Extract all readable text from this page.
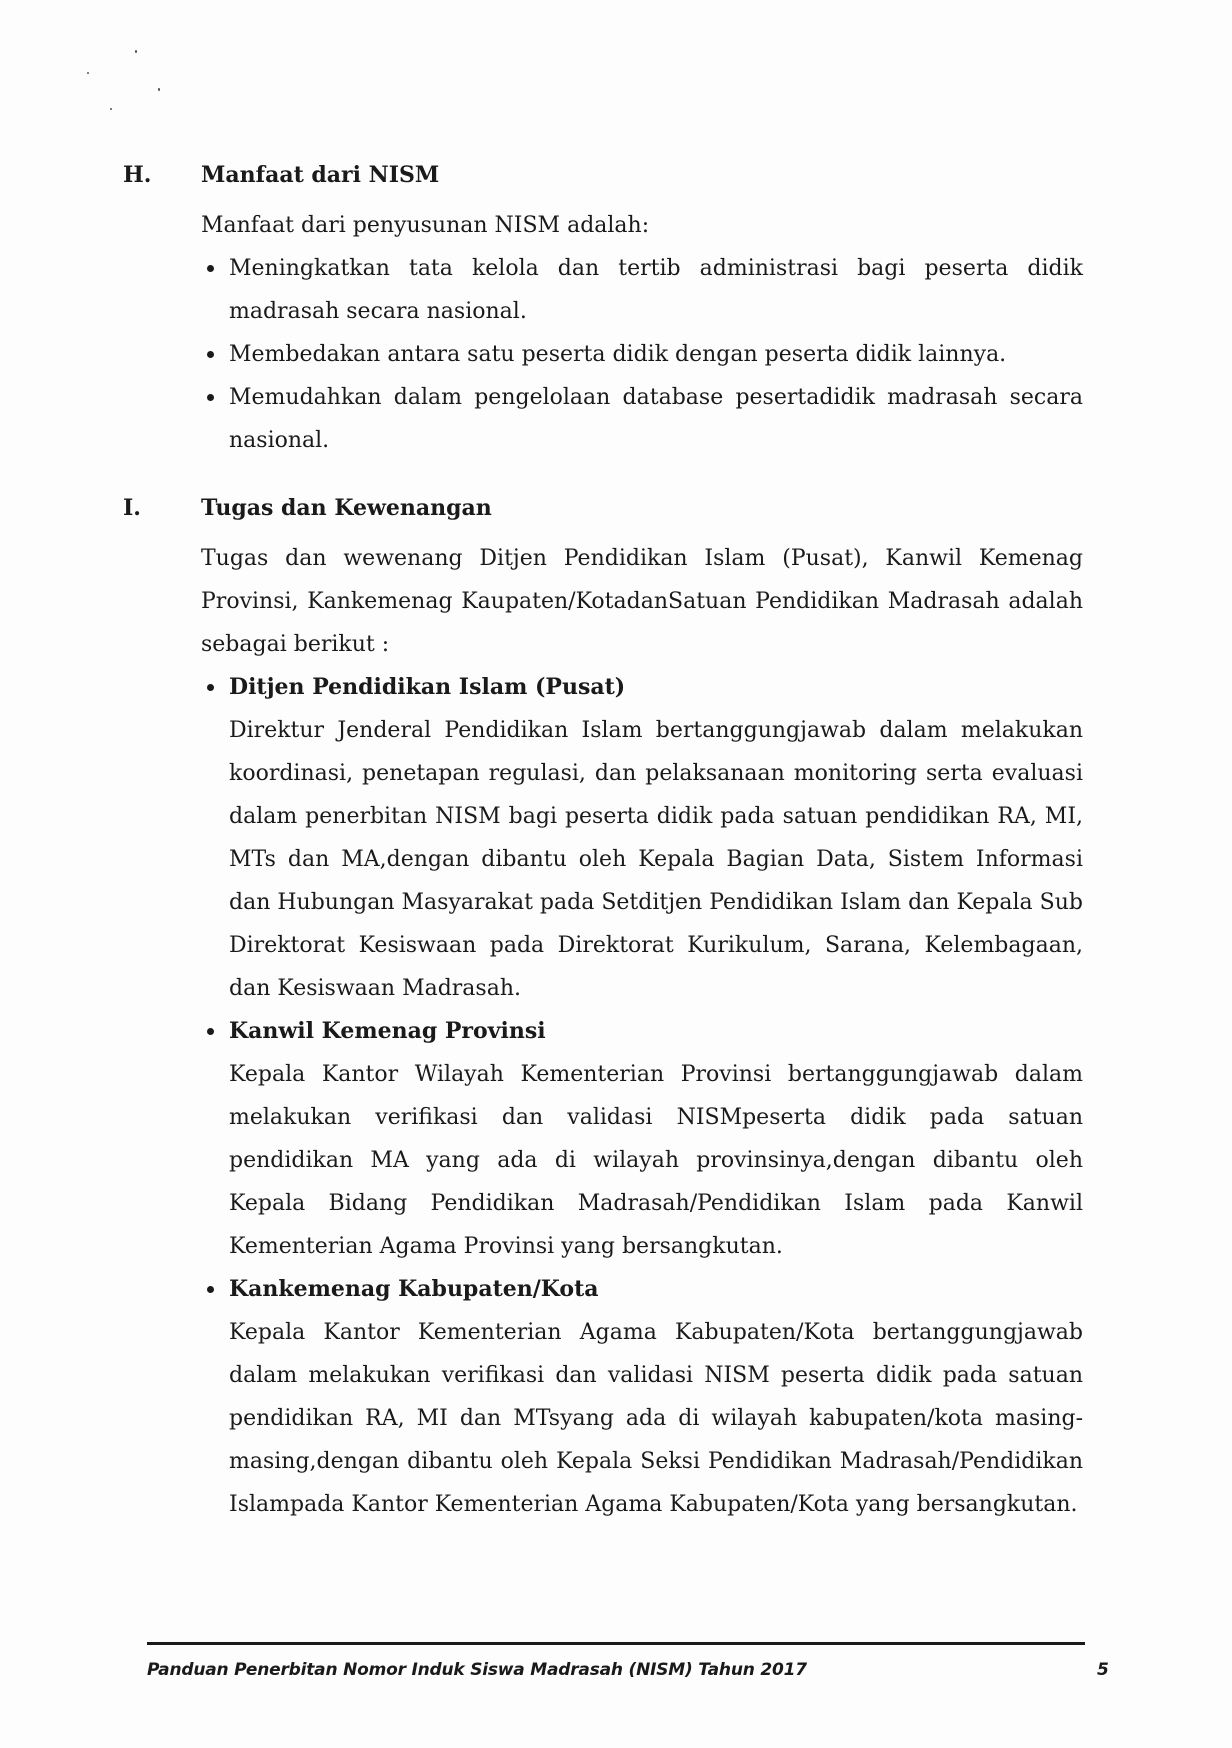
H.	Manfaat dari NISM
Manfaat dari penyusunan NISM adalah:
Meningkatkan tata kelola dan tertib administrasi bagi peserta didik madrasah secara nasional.
Membedakan antara satu peserta didik dengan peserta didik lainnya.
Memudahkan dalam pengelolaan database pesertadidik madrasah secara nasional.
I.	Tugas dan Kewenangan
Tugas dan wewenang Ditjen Pendidikan Islam (Pusat), Kanwil Kemenag Provinsi, Kankemenag Kaupaten/KotadanSatuan Pendidikan Madrasah adalah sebagai berikut :
Ditjen Pendidikan Islam (Pusat)

Direktur Jenderal Pendidikan Islam bertanggungjawab dalam melakukan koordinasi, penetapan regulasi, dan pelaksanaan monitoring serta evaluasi dalam penerbitan NISM bagi peserta didik pada satuan pendidikan RA, MI, MTs dan MA,dengan dibantu oleh Kepala Bagian Data, Sistem Informasi dan Hubungan Masyarakat pada Setditjen Pendidikan Islam dan Kepala Sub Direktorat Kesiswaan pada Direktorat Kurikulum, Sarana, Kelembagaan, dan Kesiswaan Madrasah.

Kanwil Kemenag Provinsi

Kepala Kantor Wilayah Kementerian Provinsi bertanggungjawab dalam melakukan verifikasi dan validasi NISMpeserta didik pada satuan pendidikan MA yang ada di wilayah provinsinya,dengan dibantu oleh Kepala Bidang Pendidikan Madrasah/Pendidikan Islam pada Kanwil Kementerian Agama Provinsi yang bersangkutan.

Kankemenag Kabupaten/Kota

Kepala Kantor Kementerian Agama Kabupaten/Kota bertanggungjawab dalam melakukan verifikasi dan validasi NISM peserta didik pada satuan pendidikan RA, MI dan MTsyang ada di wilayah kabupaten/kota masing-masing,dengan dibantu oleh Kepala Seksi Pendidikan Madrasah/Pendidikan Islampada Kantor Kementerian Agama Kabupaten/Kota yang bersangkutan.

Panduan Penerbitan Nomor Induk Siswa Madrasah (NISM) Tahun 2017	5
